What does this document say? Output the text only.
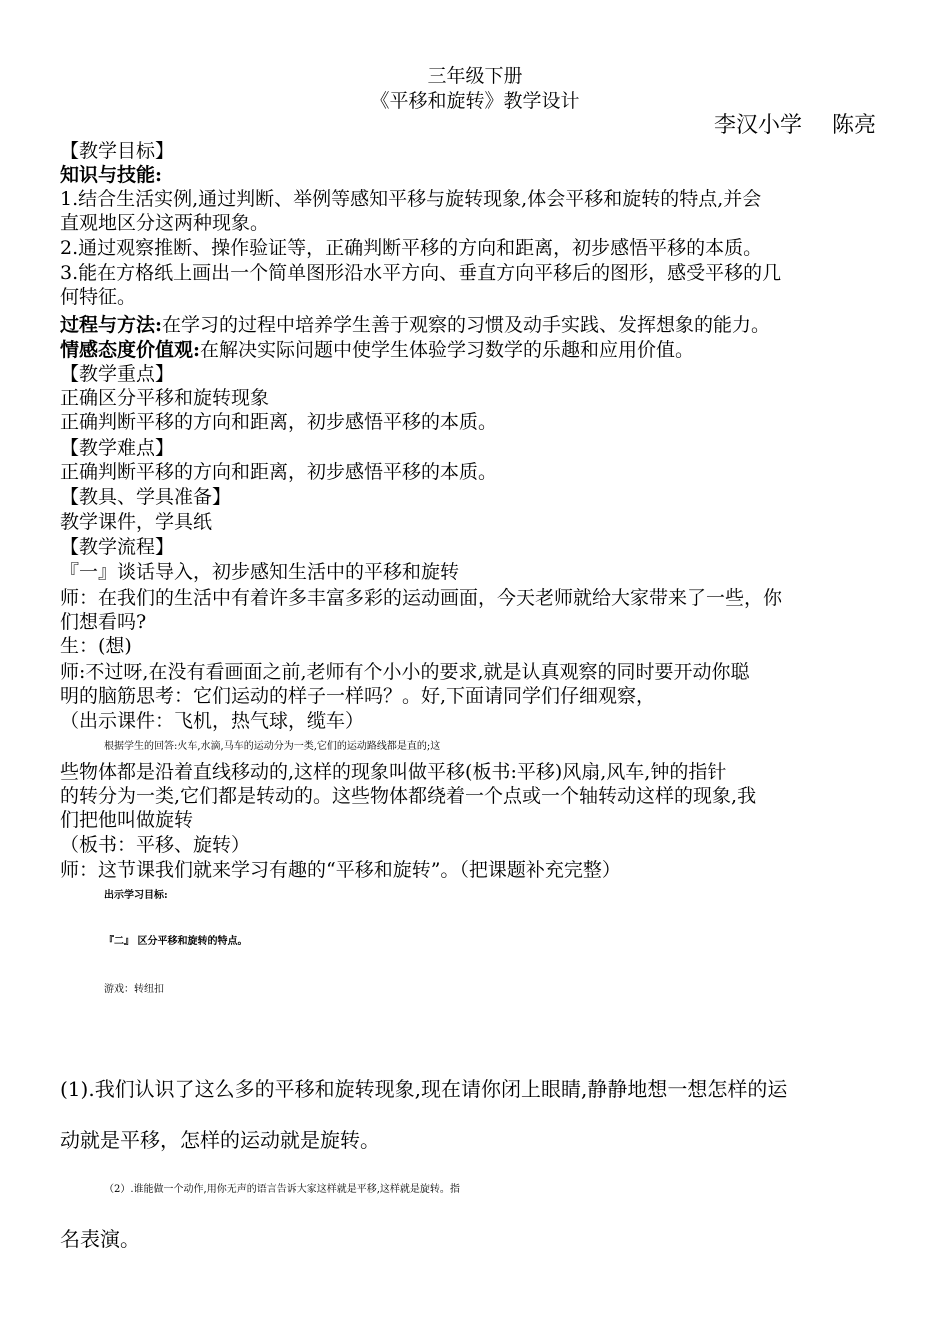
三年级下册
《平移和旋转》教学设计
李汉小学 陈亮
【教学目标】
知识与技能:
1.结合生活实例,通过判断、举例等感知平移与旋转现象,体会平移和旋转的特点,并会
直观地区分这两种现象。
2.通过观察推断、操作验证等，正确判断平移的方向和距离，初步感悟平移的本质。
3.能在方格纸上画出一个简单图形沿水平方向、垂直方向平移后的图形，感受平移的几
何特征。
过程与方法:在学习的过程中培养学生善于观察的习惯及动手实践、发挥想象的能力。
情感态度价值观:在解决实际问题中使学生体验学习数学的乐趣和应用价值。
【教学重点】
正确区分平移和旋转现象
正确判断平移的方向和距离，初步感悟平移的本质。
【教学难点】
正确判断平移的方向和距离，初步感悟平移的本质。
【教具、学具准备】
教学课件，学具纸
【教学流程】
『一』谈话导入，初步感知生活中的平移和旋转
师：在我们的生活中有着许多丰富多彩的运动画面，今天老师就给大家带来了一些，你
们想看吗?
生：(想)
师:不过呀,在没有看画面之前,老师有个小小的要求,就是认真观察的同时要开动你聪
明的脑筋思考：它们运动的样子一样吗？。好,下面请同学们仔细观察，
（出示课件：飞机，热气球，缆车）
根据学生的回答:火车,水滴,马车的运动分为一类,它们的运动路线都是直的;这
些物体都是沿着直线移动的,这样的现象叫做平移(板书:平移)风扇,风车,钟的指针
的转分为一类,它们都是转动的。这些物体都绕着一个点或一个轴转动这样的现象,我
们把他叫做旋转
（板书：平移、旋转）
师：这节课我们就来学习有趣的“平移和旋转”。（把课题补充完整）
出示学习目标:
『二』 区分平移和旋转的特点。
游戏：转纽扣
(1).我们认识了这么多的平移和旋转现象,现在请你闭上眼睛,静静地想一想怎样的运
动就是平移，怎样的运动就是旋转。
（2）.谁能做一个动作,用你无声的语言告诉大家这样就是平移,这样就是旋转。指
名表演。
